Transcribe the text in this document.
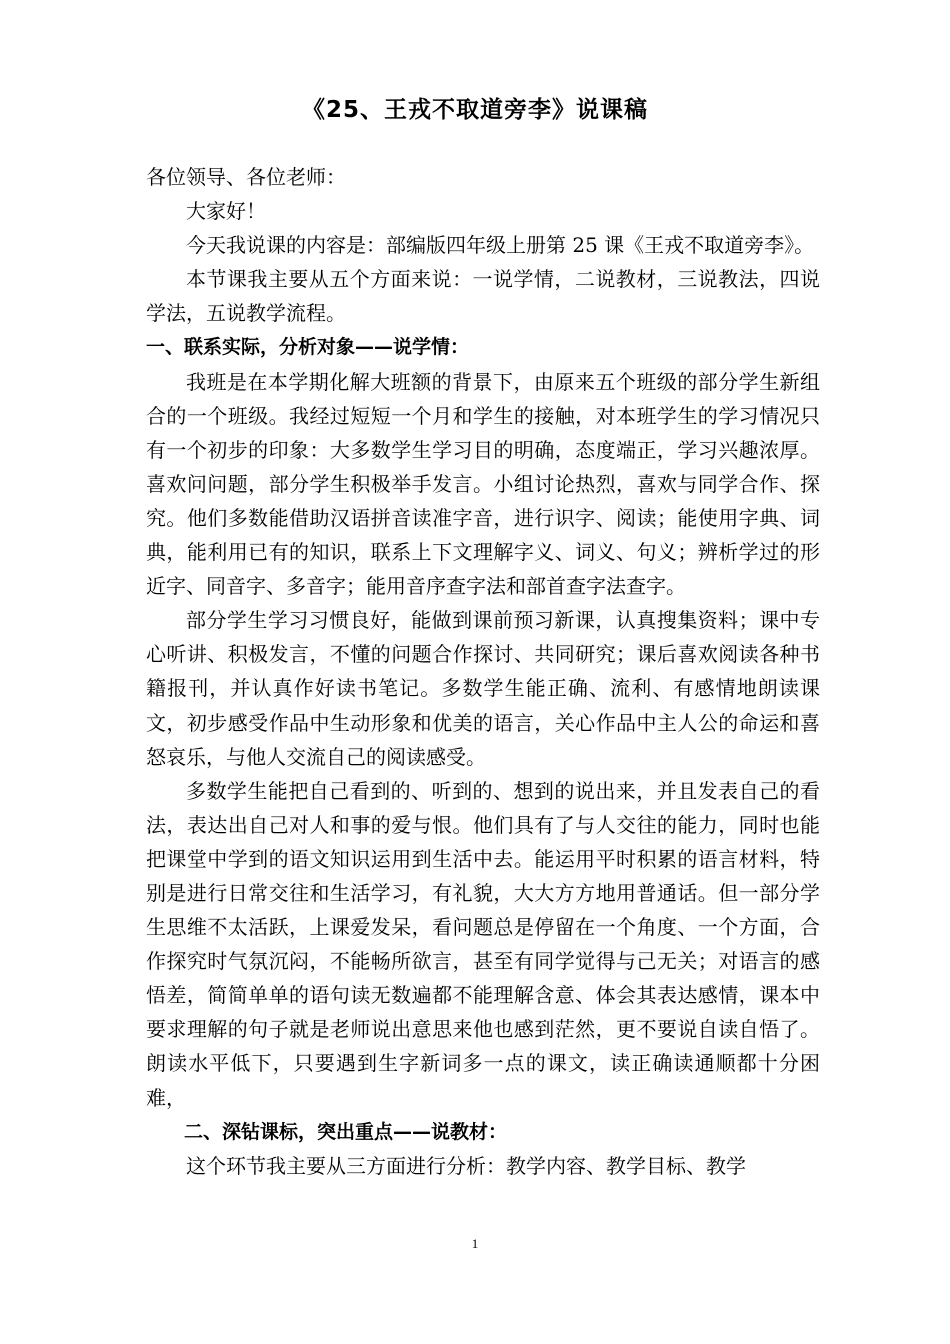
《25、王戎不取道旁李》说课稿

各位领导、各位老师：

大家好！

今天我说课的内容是：部编版四年级上册第 25 课《王戎不取道旁李》。

本节课我主要从五个方面来说：一说学情，二说教材，三说教法，四说学法，五说教学流程。

一、联系实际，分析对象——说学情：

我班是在本学期化解大班额的背景下，由原来五个班级的部分学生新组合的一个班级。我经过短短一个月和学生的接触，对本班学生的学习情况只有一个初步的印象：大多数学生学习目的明确，态度端正，学习兴趣浓厚。喜欢问问题，部分学生积极举手发言。小组讨论热烈，喜欢与同学合作、探究。他们多数能借助汉语拼音读准字音，进行识字、阅读；能使用字典、词典，能利用已有的知识，联系上下文理解字义、词义、句义；辨析学过的形近字、同音字、多音字；能用音序查字法和部首查字法查字。

部分学生学习习惯良好，能做到课前预习新课，认真搜集资料；课中专心听讲、积极发言，不懂的问题合作探讨、共同研究；课后喜欢阅读各种书籍报刊，并认真作好读书笔记。多数学生能正确、流利、有感情地朗读课文，初步感受作品中生动形象和优美的语言，关心作品中主人公的命运和喜怒哀乐，与他人交流自己的阅读感受。

多数学生能把自己看到的、听到的、想到的说出来，并且发表自己的看法，表达出自己对人和事的爱与恨。他们具有了与人交往的能力，同时也能把课堂中学到的语文知识运用到生活中去。能运用平时积累的语言材料，特别是进行日常交往和生活学习，有礼貌，大大方方地用普通话。但一部分学生思维不太活跃，上课爱发呆，看问题总是停留在一个角度、一个方面，合作探究时气氛沉闷，不能畅所欲言，甚至有同学觉得与己无关；对语言的感悟差，简简单单的语句读无数遍都不能理解含意、体会其表达感情，课本中要求理解的句子就是老师说出意思来他也感到茫然，更不要说自读自悟了。朗读水平低下，只要遇到生字新词多一点的课文，读正确读通顺都十分困难，

二、深钻课标，突出重点——说教材：

这个环节我主要从三方面进行分析：教学内容、教学目标、教学

1
